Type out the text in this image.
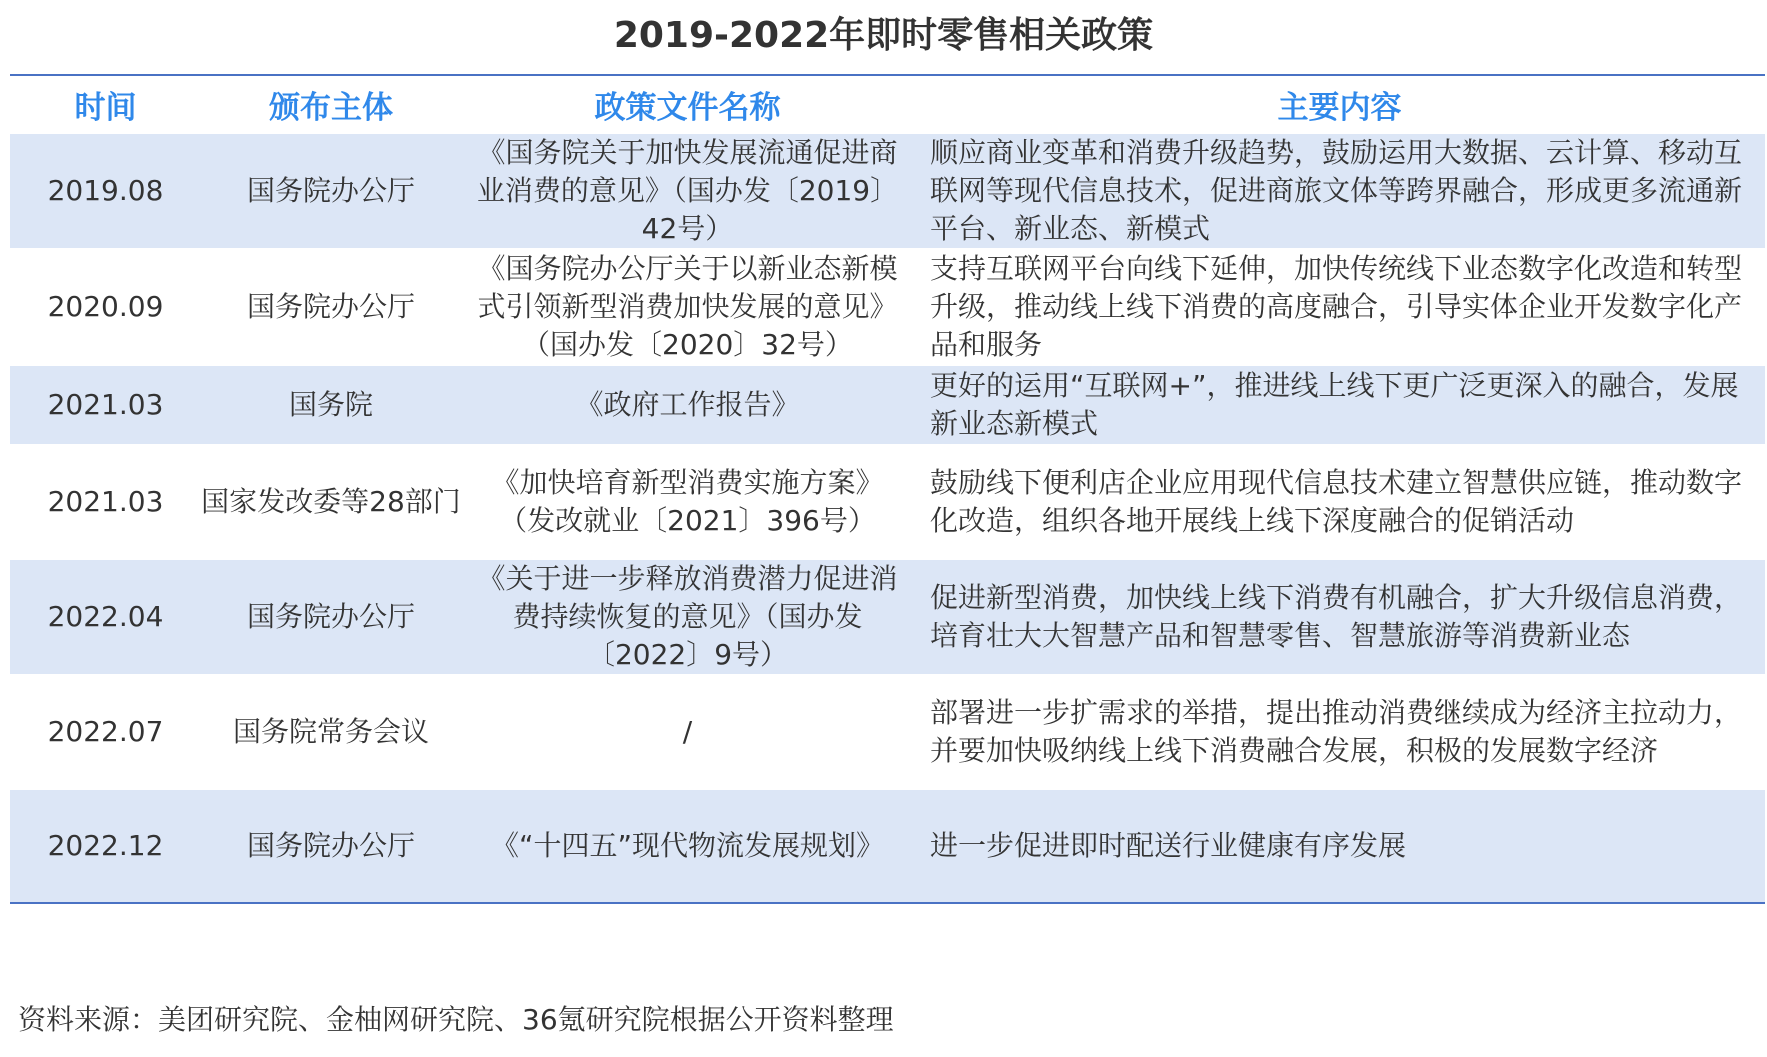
2019-2022年即时零售相关政策
时间	颁布主体	政策文件名称	主要内容
2019.08	国务院办公厅	《国务院关于加快发展流通促进商业消费的意见》（国办发〔2019〕42号）	顺应商业变革和消费升级趋势，鼓励运用大数据、云计算、移动互联网等现代信息技术，促进商旅文体等跨界融合，形成更多流通新平台、新业态、新模式
2020.09	国务院办公厅	《国务院办公厅关于以新业态新模式引领新型消费加快发展的意见》（国办发〔2020〕32号）	支持互联网平台向线下延伸，加快传统线下业态数字化改造和转型升级，推动线上线下消费的高度融合，引导实体企业开发数字化产品和服务
2021.03	国务院	《政府工作报告》	更好的运用“互联网+”，推进线上线下更广泛更深入的融合，发展新业态新模式
2021.03	国家发改委等28部门	《加快培育新型消费实施方案》（发改就业〔2021〕396号）	鼓励线下便利店企业应用现代信息技术建立智慧供应链，推动数字化改造，组织各地开展线上线下深度融合的促销活动
2022.04	国务院办公厅	《关于进一步释放消费潜力促进消费持续恢复的意见》（国办发〔2022〕9号）	促进新型消费，加快线上线下消费有机融合，扩大升级信息消费，培育壮大大智慧产品和智慧零售、智慧旅游等消费新业态
2022.07	国务院常务会议	/	部署进一步扩需求的举措，提出推动消费继续成为经济主拉动力，并要加快吸纳线上线下消费融合发展，积极的发展数字经济
2022.12	国务院办公厅	《“十四五”现代物流发展规划》	进一步促进即时配送行业健康有序发展
资料来源：美团研究院、金柚网研究院、36氪研究院根据公开资料整理
